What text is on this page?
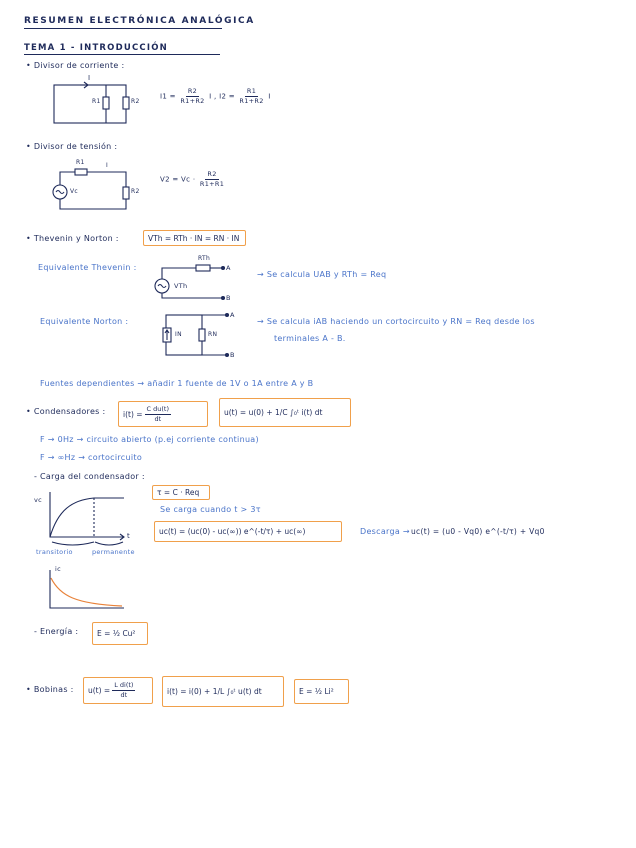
RESUMEN ELECTRÓNICA ANALÓGICA
TEMA 1 - INTRODUCCIÓN
• Divisor de corriente :
• Divisor de tensión :
• Thevenin y Norton :
• Condensadores :
• Bobinas :
I
R1	R2
$I1 = \frac{R2}{R1+R2}$ I , $I2 = \frac{R1}{R1+R2}$ I
R1	I
Vc	R2
$V2 = Vc \cdot \frac{R2}{R1+R1}$
VTh = RTh · IN = RN · IN
Equivalente Thevenin :
RTh
A
VTh
B
→ Se calcula UAB y RTh = Req
Equivalente Norton :
A
IN	RN
B
→ Se calcula iAB haciendo un cortocircuito y RN = Req desde los
terminales A - B.
Fuentes dependientes → añadir 1 fuente de 1V o 1A entre A y B
$i(t) = \frac{\text{C du(t)}}{dt}$	u(t) = u(0) + 1/C ∫₀ᵗ i(t) dt
F → 0Hz → circuito abierto (p.ej corriente continua)
F → ∞Hz → cortocircuito
- Carga del condensador :
vc
t
transitorio	permanente
τ = C · Req
Se carga cuando t > 3τ
uc(t) = (uc(0) - uc(∞)) e^(-t/τ) + uc(∞)	Descarga → uc(t) = (u0 - Vq0) e^(-t/τ) + Vq0
ic
- Energía :	E = ½ Cu²
$u(t) = \frac{\text{L di(t)}}{dt}$	i(t) = i(0) + 1/L ∫₀ᵗ u(t) dt	E = ½ Li²
